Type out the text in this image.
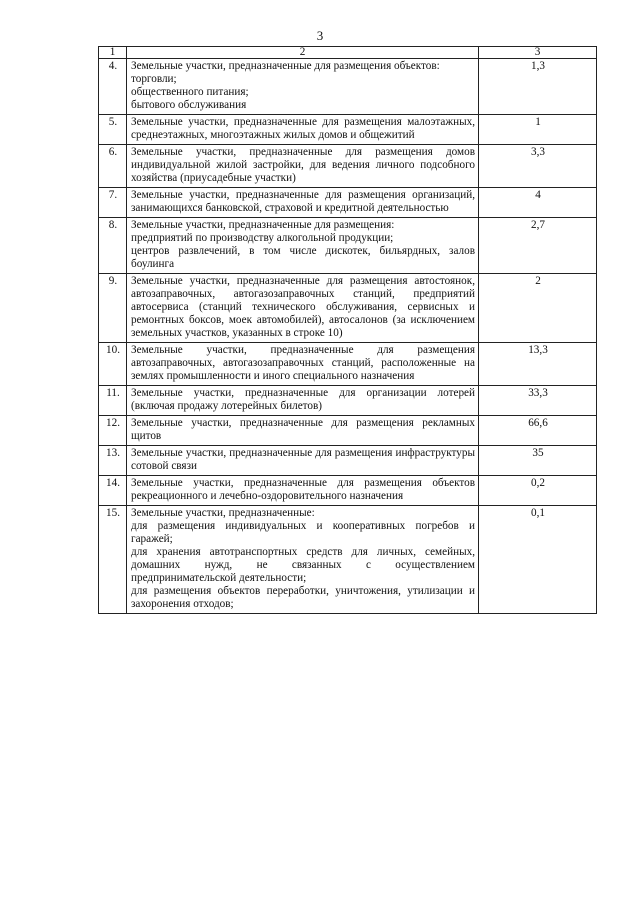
3
1	2	3
4.	Земельные участки, предназначенные для размещения объектов:
торговли;
общественного питания;
бытового обслуживания	1,3
5.	Земельные участки, предназначенные для размещения малоэтажных, среднеэтажных, многоэтажных жилых домов и общежитий	1
6.	Земельные участки, предназначенные для размещения домов индивидуальной жилой застройки, для ведения личного подсобного хозяйства (приусадебные участки)	3,3
7.	Земельные участки, предназначенные для размещения организаций, занимающихся банковской, страховой и кредитной деятельностью	4
8.	Земельные участки, предназначенные для размещения:
предприятий по производству алкогольной продукции;
центров развлечений, в том числе дискотек, бильярдных, залов боулинга	2,7
9.	Земельные участки, предназначенные для размещения автостоянок, автозаправочных, автогазозаправочных станций, предприятий автосервиса (станций технического обслуживания, сервисных и ремонтных боксов, моек автомобилей), автосалонов (за исключением земельных участков, указанных в строке 10)	2
10.	Земельные участки, предназначенные для размещения автозаправочных, автогазозаправочных станций, расположенные на землях промышленности и иного специального назначения	13,3
11.	Земельные участки, предназначенные для организации лотерей (включая продажу лотерейных билетов)	33,3
12.	Земельные участки, предназначенные для размещения рекламных щитов	66,6
13.	Земельные участки, предназначенные для размещения инфраструктуры сотовой связи	35
14.	Земельные участки, предназначенные для размещения объектов рекреационного и лечебно-оздоровительного назначения	0,2
15.	Земельные участки, предназначенные:
для размещения индивидуальных и кооперативных погребов и гаражей;
для хранения автотранспортных средств для личных, семейных, домашних нужд, не связанных с осуществлением предпринимательской деятельности;
для размещения объектов переработки, уничтожения, утилизации и захоронения отходов;	0,1
